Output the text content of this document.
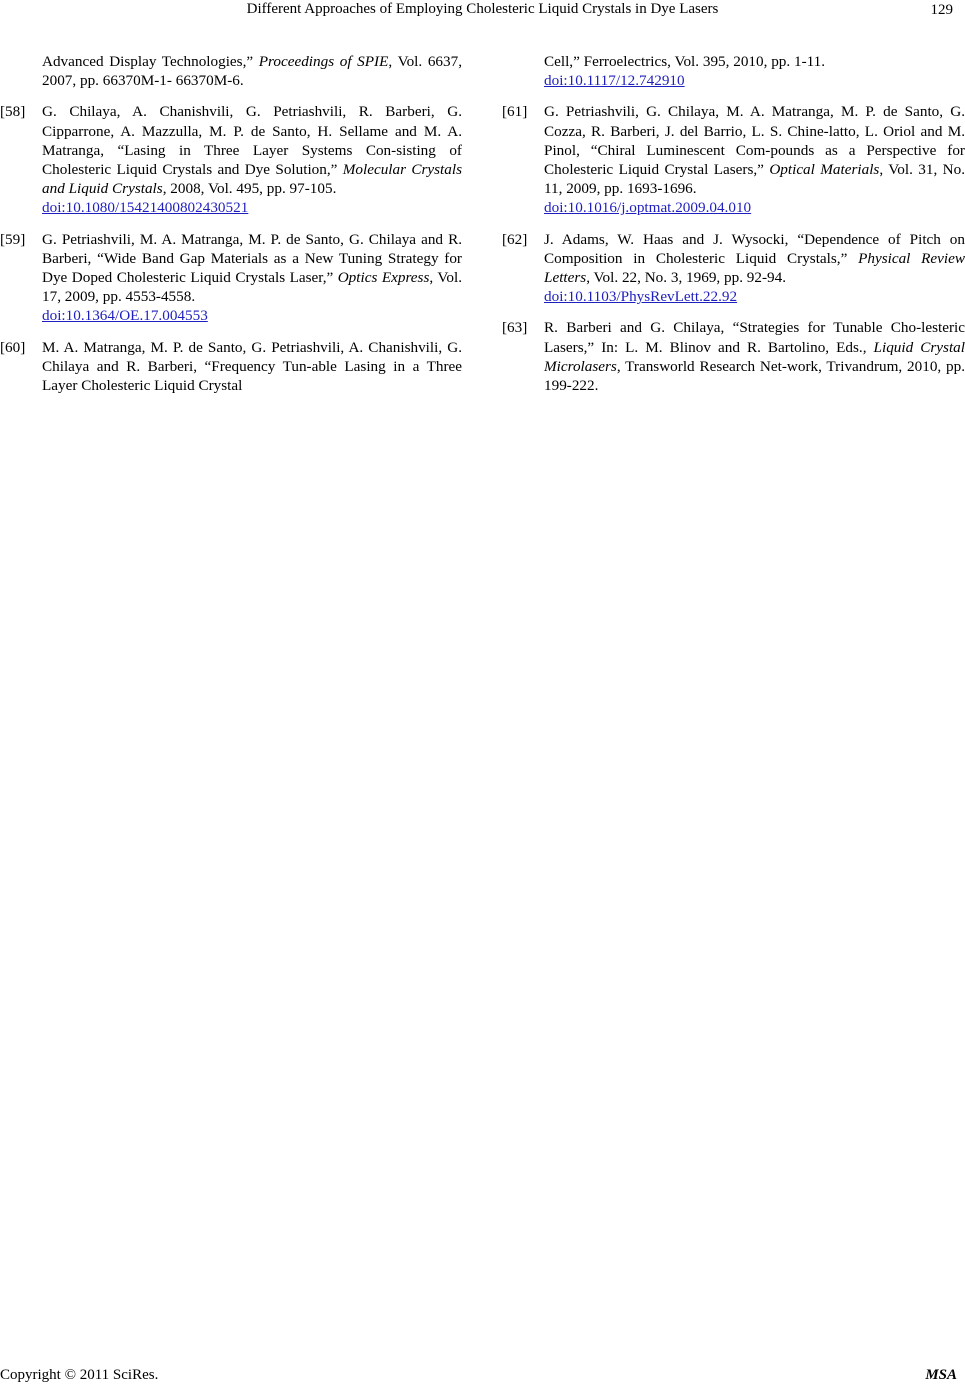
Different Approaches of Employing Cholesteric Liquid Crystals in Dye Lasers	129
Advanced Display Technologies,” Proceedings of SPIE, Vol. 6637, 2007, pp. 66370M-1- 66370M-6.
[58] G. Chilaya, A. Chanishvili, G. Petriashvili, R. Barberi, G. Cipparrone, A. Mazzulla, M. P. de Santo, H. Sellame and M. A. Matranga, “Lasing in Three Layer Systems Con-sisting of Cholesteric Liquid Crystals and Dye Solution,” Molecular Crystals and Liquid Crystals, 2008, Vol. 495, pp. 97-105.
doi:10.1080/15421400802430521
[59] G. Petriashvili, M. A. Matranga, M. P. de Santo, G. Chilaya and R. Barberi, “Wide Band Gap Materials as a New Tuning Strategy for Dye Doped Cholesteric Liquid Crystals Laser,” Optics Express, Vol. 17, 2009, pp. 4553-4558.
doi:10.1364/OE.17.004553
[60] M. A. Matranga, M. P. de Santo, G. Petriashvili, A. Chanishvili, G. Chilaya and R. Barberi, “Frequency Tun-able Lasing in a Three Layer Cholesteric Liquid Crystal
Cell,” Ferroelectrics, Vol. 395, 2010, pp. 1-11.
doi:10.1117/12.742910
[61] G. Petriashvili, G. Chilaya, M. A. Matranga, M. P. de Santo, G. Cozza, R. Barberi, J. del Barrio, L. S. Chine-latto, L. Oriol and M. Pinol, “Chiral Luminescent Com-pounds as a Perspective for Cholesteric Liquid Crystal Lasers,” Optical Materials, Vol. 31, No. 11, 2009, pp. 1693-1696.
doi:10.1016/j.optmat.2009.04.010
[62] J. Adams, W. Haas and J. Wysocki, “Dependence of Pitch on Composition in Cholesteric Liquid Crystals,” Physical Review Letters, Vol. 22, No. 3, 1969, pp. 92-94.
doi:10.1103/PhysRevLett.22.92
[63] R. Barberi and G. Chilaya, “Strategies for Tunable Cho-lesteric Lasers,” In: L. M. Blinov and R. Bartolino, Eds., Liquid Crystal Microlasers, Transworld Research Net-work, Trivandrum, 2010, pp. 199-222.
Copyright © 2011 SciRes.	MSA
